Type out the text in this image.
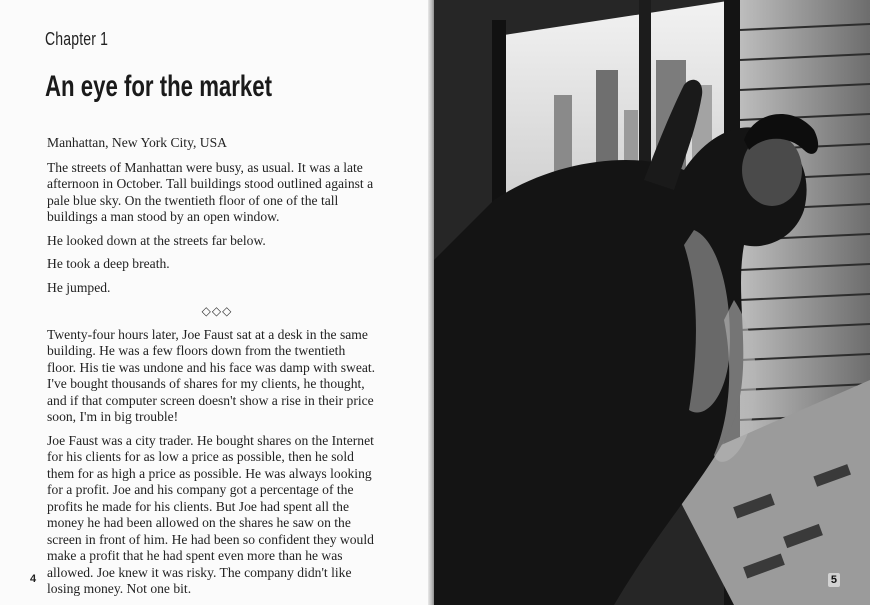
Chapter 1
An eye for the market

Manhattan, New York City, USA

The streets of Manhattan were busy, as usual. It was a late afternoon in October. Tall buildings stood outlined against a pale blue sky. On the twentieth floor of one of the tall buildings a man stood by an open window.

He looked down at the streets far below.

He took a deep breath.

He jumped.

◇◇◇

Twenty-four hours later, Joe Faust sat at a desk in the same building. He was a few floors down from the twentieth floor. His tie was undone and his face was damp with sweat. I've bought thousands of shares for my clients, he thought, and if that computer screen doesn't show a rise in their price soon, I'm in big trouble!

Joe Faust was a city trader. He bought shares on the Internet for his clients for as low a price as possible, then he sold them for as high a price as possible. He was always looking for a profit. Joe and his company got a percentage of the profits he made for his clients. But Joe had spent all the money he had been allowed on the shares he saw on the screen in front of him. He had been so confident they would make a profit that he had spent even more than he was allowed. Joe knew it was risky. The company didn't like losing money. Not one bit.

4	5
